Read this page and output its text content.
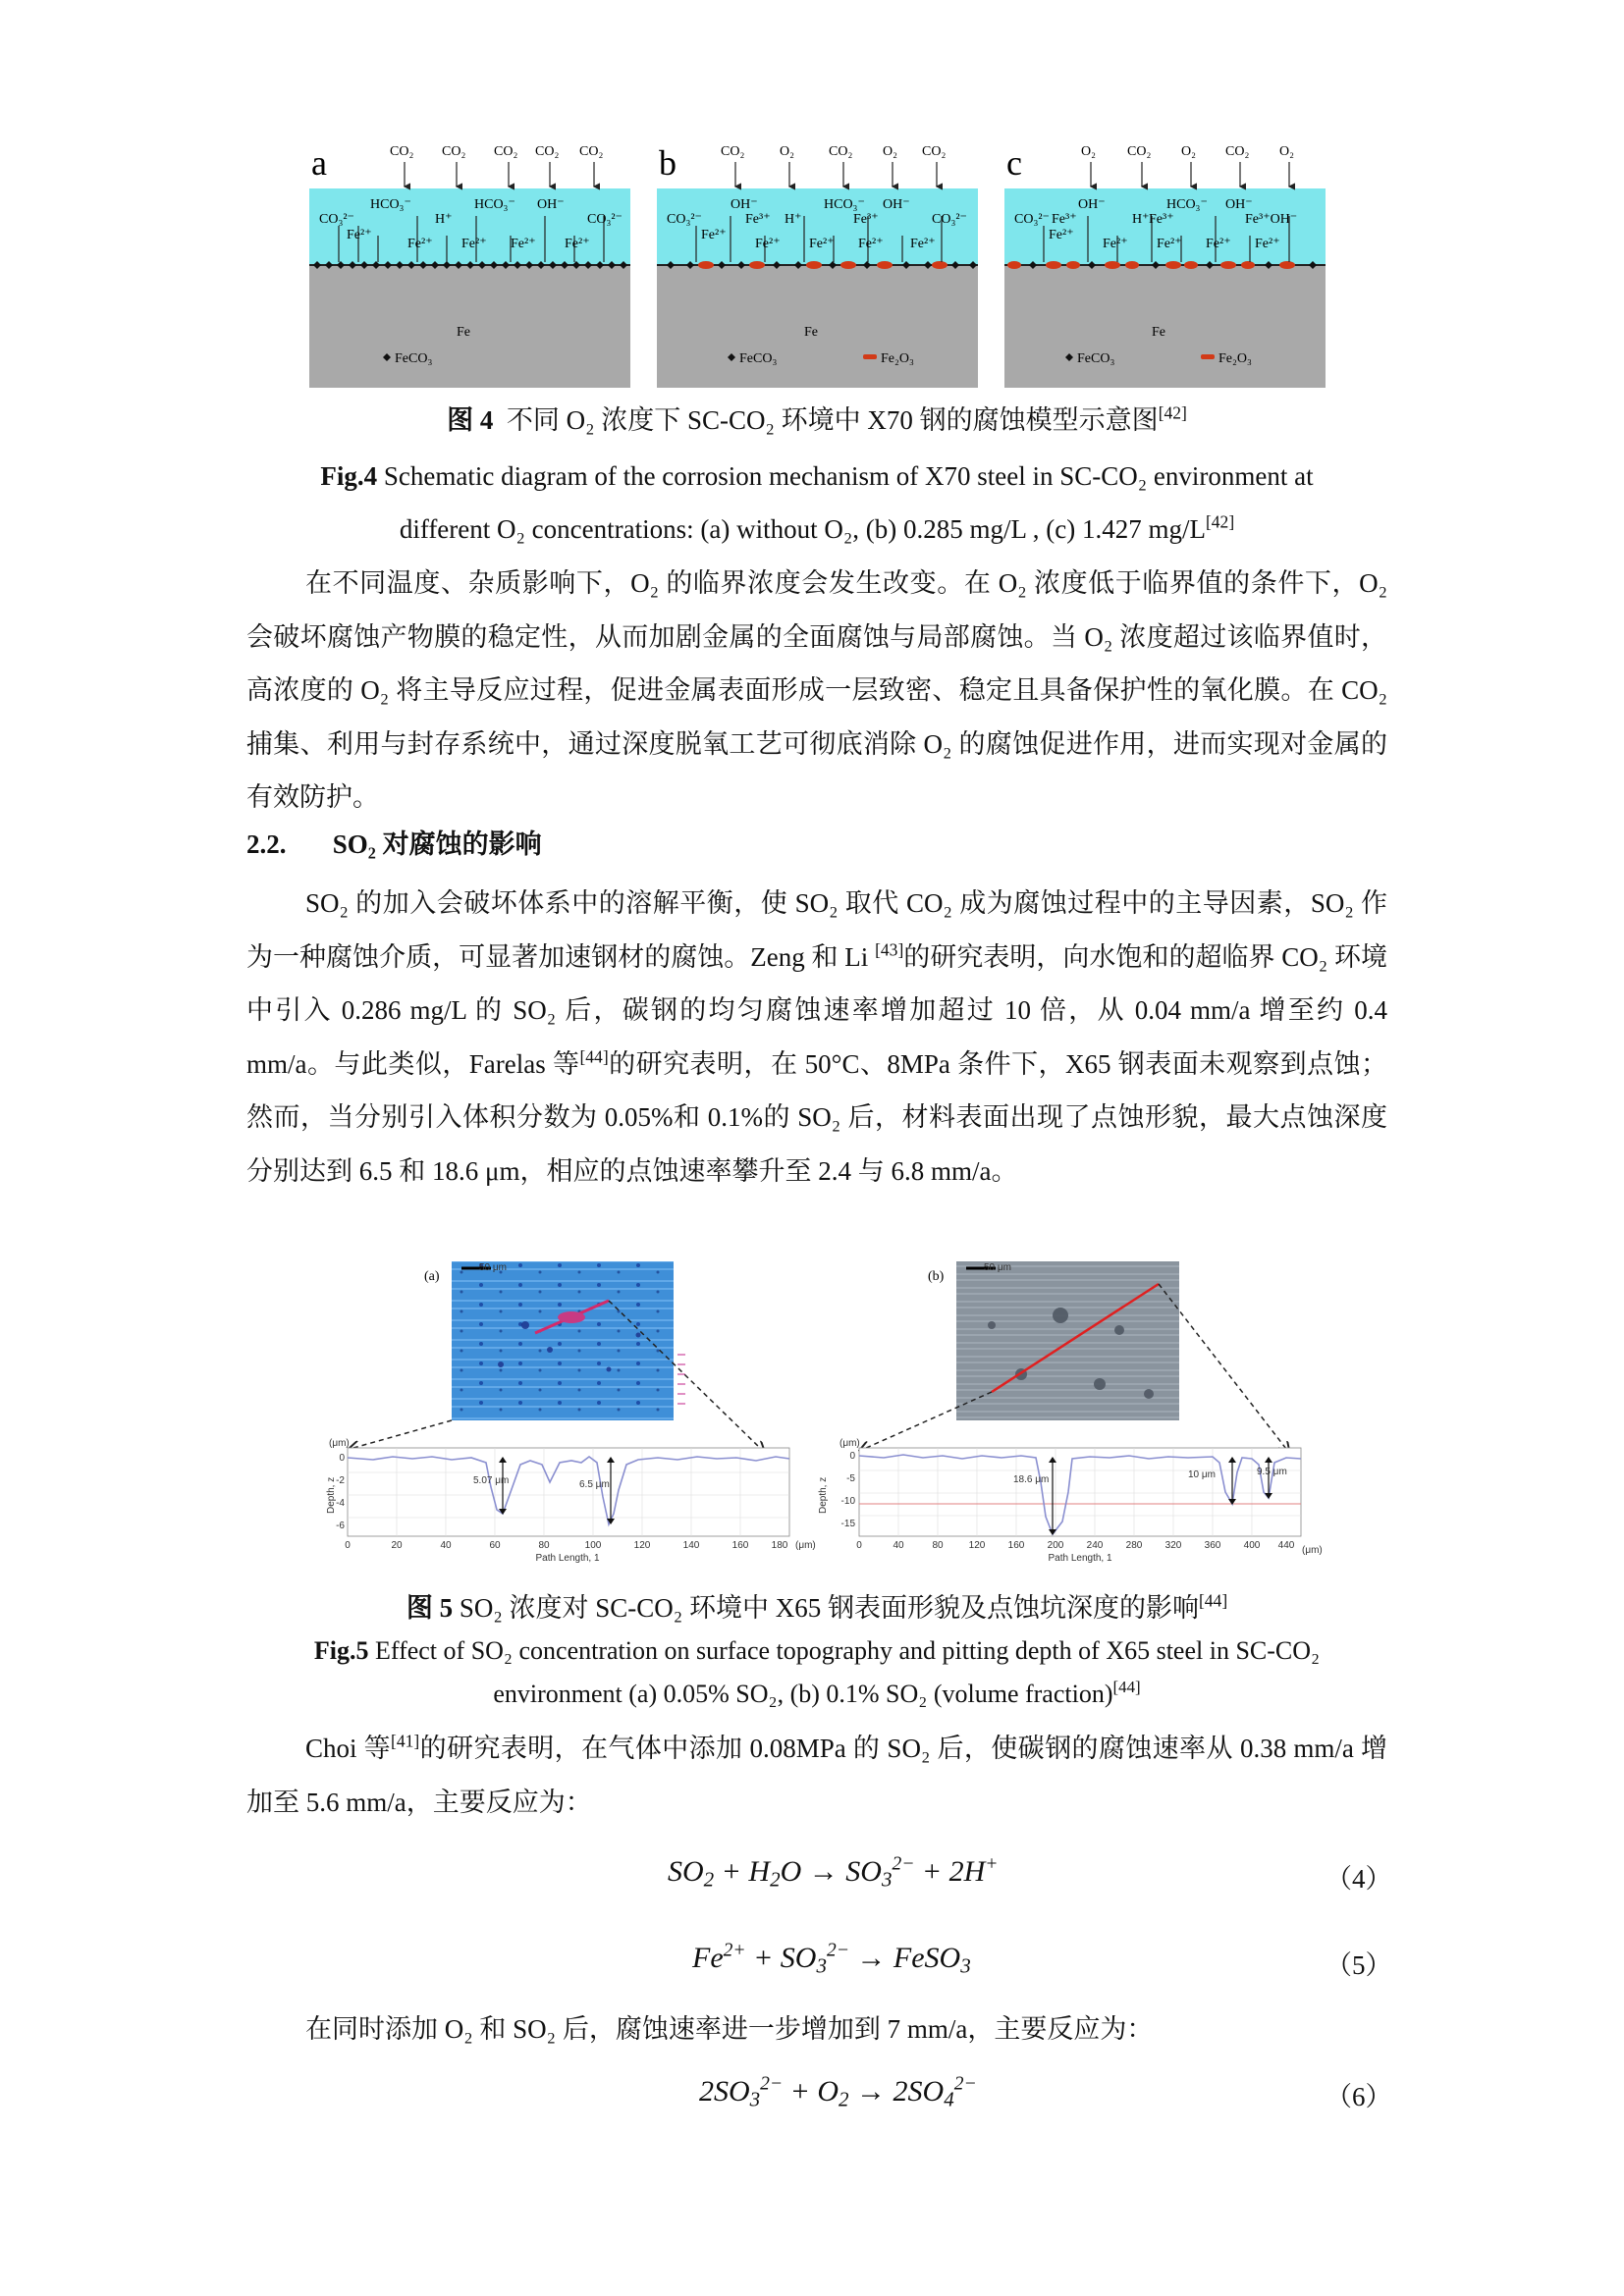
a	CO₂ CO₂ CO₂ CO₂ CO₂
HCO₃⁻	HCO₃⁻ OH⁻
CO₃²⁻	H⁺	CO₃²⁻
Fe²⁺
Fe²⁺ Fe²⁺ Fe²⁺ Fe²⁺
Fe
FeCO₃
b	CO₂	O₂	CO₂ O₂ CO₂
OH⁻	HCO₃⁻ OH⁻
CO₃²⁻	Fe³⁺ H⁺	Fe³⁺	CO₃²⁻
Fe²⁺
Fe²⁺ Fe²⁺ Fe²⁺ Fe²⁺
Fe
FeCO₃	Fe₂O₃
c	O₂ CO₂ O₂ CO₂ O₂
OH⁻	HCO₃⁻ OH⁻
CO₃²⁻ Fe³⁺	H⁺ Fe³⁺	Fe³⁺OH⁻
Fe²⁺
Fe²⁺ Fe²⁺ Fe²⁺ Fe²⁺
Fe
FeCO₃	Fe₂O₃
图 4 不同 O₂ 浓度下 SC-CO₂ 环境中 X70 钢的腐蚀模型示意图[42]
Fig.4 Schematic diagram of the corrosion mechanism of X70 steel in SC-CO₂ environment at
different O₂ concentrations: (a) without O₂, (b) 0.285 mg/L , (c) 1.427 mg/L[42]

在不同温度、杂质影响下，O₂ 的临界浓度会发生改变。在 O₂ 浓度低于临界值的条件下，O₂ 会破坏腐蚀产物膜的稳定性，从而加剧金属的全面腐蚀与局部腐蚀。当 O₂ 浓度超过该临界值时，高浓度的 O₂ 将主导反应过程，促进金属表面形成一层致密、稳定且具备保护性的氧化膜。在 CO₂ 捕集、利用与封存系统中，通过深度脱氧工艺可彻底消除 O₂ 的腐蚀促进作用，进而实现对金属的有效防护。

2.2. SO₂ 对腐蚀的影响

SO₂ 的加入会破坏体系中的溶解平衡，使 SO₂ 取代 CO₂ 成为腐蚀过程中的主导因素，SO₂ 作为一种腐蚀介质，可显著加速钢材的腐蚀。Zeng 和 Li [43]的研究表明，向水饱和的超临界 CO₂ 环境中引入 0.286 mg/L 的 SO₂ 后，碳钢的均匀腐蚀速率增加超过 10 倍，从 0.04 mm/a 增至约 0.4 mm/a。与此类似，Farelas 等[44]的研究表明，在 50°C、8MPa 条件下，X65 钢表面未观察到点蚀；然而，当分别引入体积分数为 0.05%和 0.1%的 SO₂ 后，材料表面出现了点蚀形貌，最大点蚀深度分别达到 6.5 和 18.6 μm，相应的点蚀速率攀升至 2.4 与 6.8 mm/a。

(a)
50 μm
5.07 μm	6.5 μm
(μm)
Depth, z
0
-2
-4
-6
0	20	40	60	80	100	120	140	160 180
Path Length, 1
(μm)
(b)
50 μm
18.6 μm	10 μm	9.5 μm
(μm)
Depth, z
0
-5
-10
-15
0	40	80	120 160 200 240 280 320 360 400 440
Path Length, 1
(μm)
图 5 SO₂ 浓度对 SC-CO₂ 环境中 X65 钢表面形貌及点蚀坑深度的影响[44]
Fig.5 Effect of SO₂ concentration on surface topography and pitting depth of X65 steel in SC-CO₂
environment (a) 0.05% SO₂, (b) 0.1% SO₂ (volume fraction)[44]

Choi 等[41]的研究表明，在气体中添加 0.08MPa 的 SO₂ 后，使碳钢的腐蚀速率从 0.38 mm/a 增加至 5.6 mm/a，主要反应为：

$SO_2 + H_2O \to SO_3^{2-} + 2H^+$
（4）
$Fe^{2+} + SO_3^{2-}$ → FeSO$_3$	（5）

在同时添加 O₂ 和 SO₂ 后，腐蚀速率进一步增加到 7 mm/a，主要反应为：

$2SO_3^{2-} + O_2 \to 2SO_4^{2-}$	（6）
